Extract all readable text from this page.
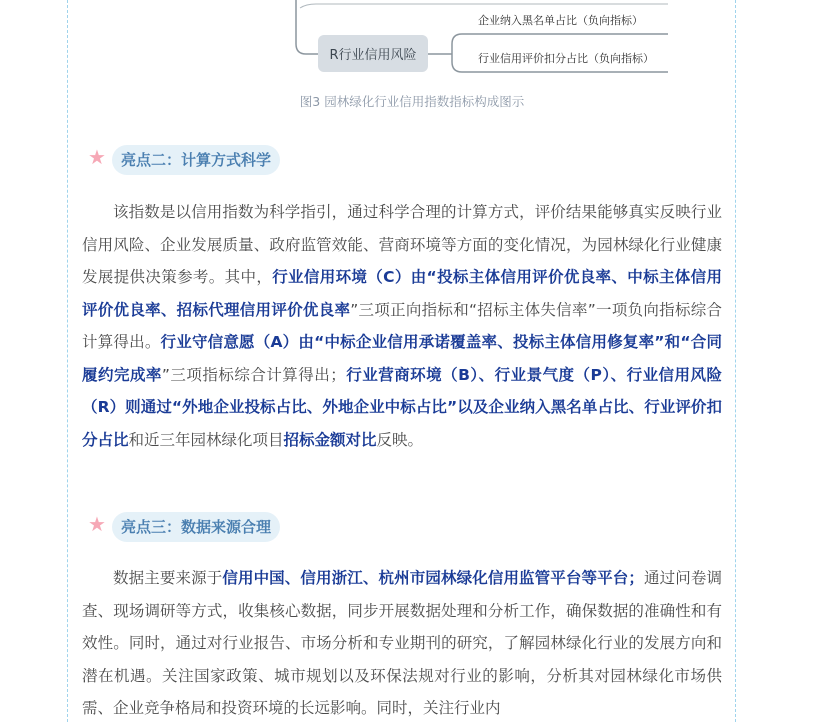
R行业信用风险
企业纳入黑名单占比（负向指标）
行业信用评价扣分占比（负向指标）
图3 园林绿化行业信用指数指标构成图示
★	亮点二：计算方式科学

该指数是以信用指数为科学指引，通过科学合理的计算方式，评价结果能够真实反映行业信用风险、企业发展质量、政府监管效能、营商环境等方面的变化情况，为园林绿化行业健康发展提供决策参考。其中，行业信用环境（C）由“投标主体信用评价优良率、中标主体信用评价优良率、招标代理信用评价优良率”三项正向指标和“招标主体失信率”一项负向指标综合计算得出。行业守信意愿（A）由“中标企业信用承诺覆盖率、投标主体信用修复率”和“合同履约完成率”三项指标综合计算得出；行业营商环境（B）、行业景气度（P）、行业信用风险（R）则通过“外地企业投标占比、外地企业中标占比”以及企业纳入黑名单占比、行业评价扣分占比和近三年园林绿化项目招标金额对比反映。

★	亮点三：数据来源合理

数据主要来源于信用中国、信用浙江、杭州市园林绿化信用监管平台等平台；通过问卷调查、现场调研等方式，收集核心数据，同步开展数据处理和分析工作，确保数据的准确性和有效性。同时，通过对行业报告、市场分析和专业期刊的研究，了解园林绿化行业的发展方向和潜在机遇。关注国家政策、城市规划以及环保法规对行业的影响，分析其对园林绿化市场供需、企业竞争格局和投资环境的长远影响。同时，关注行业内
